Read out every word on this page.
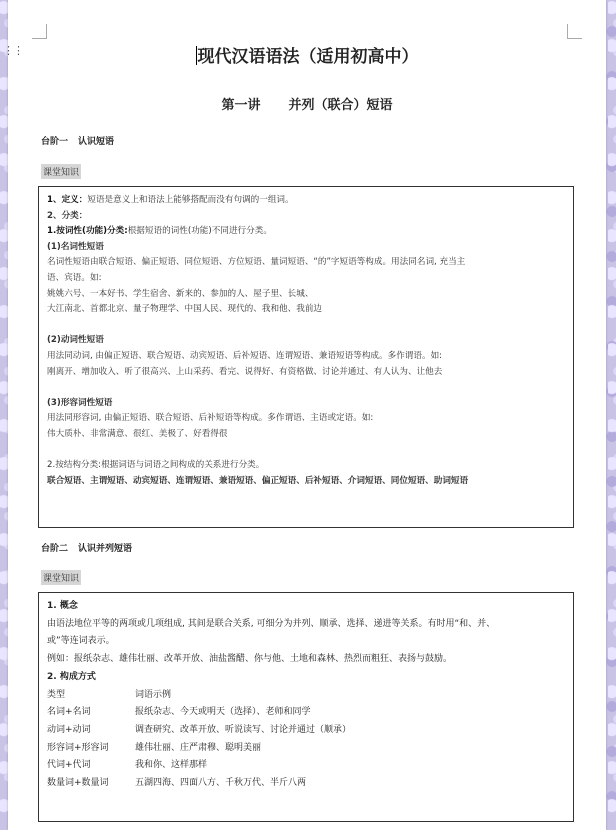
⋮⋮	现代汉语语法（适用初高中）
第一讲 并列（联合）短语
台阶一 认识短语
课堂知识
1、定义：短语是意义上和语法上能够搭配而没有句调的一组词。
2、分类：
1.按词性(功能)分类:根据短语的词性(功能)不同进行分类。
(1)名词性短语
名词性短语由联合短语、偏正短语、同位短语、方位短语、量词短语、“的”字短语等构成。用法同名词, 充当主
语、宾语。如:
姚姚六号、一本好书、学生宿舍、新来的、参加的人、屋子里、长城、
大江南北、首都北京、量子物理学、中国人民、现代的、我和他、我前边
(2)动词性短语
用法同动词, 由偏正短语、联合短语、动宾短语、后补短语、连谓短语、兼语短语等构成。多作谓语。如:
刚离开、增加收入、听了很高兴、上山采药、看完、说得好、有资格做、讨论并通过、有人认为、让他去
(3)形容词性短语
用法同形容词, 由偏正短语、联合短语、后补短语等构成。多作谓语、主语或定语。如:
伟大质朴、非常满意、很红、美极了、好看得很
2.按结构分类:根据词语与词语之间构成的关系进行分类。
联合短语、主谓短语、动宾短语、连谓短语、兼语短语、偏正短语、后补短语、介词短语、同位短语、助词短语
台阶二 认识并列短语
课堂知识
1. 概念
由语法地位平等的两项或几项组成, 其间是联合关系, 可细分为并列、顺承、选择、递进等关系。有时用“和、并、
或”等连词表示。
例如：报纸杂志、雄伟壮丽、改革开放、油盐酱醋、你与他、土地和森林、热烈而粗狂、表扬与鼓励。
2. 构成方式
类型	词语示例
名词+名词	报纸杂志、今天或明天（选择）、老师和同学
动词+动词	调查研究、改革开放、听说读写、讨论并通过（顺承）
形容词+形容词	雄伟壮丽、庄严肃穆、聪明美丽
代词+代词	我和你、这样那样
数量词+数量词	五湖四海、四面八方、千秋万代、半斤八两
